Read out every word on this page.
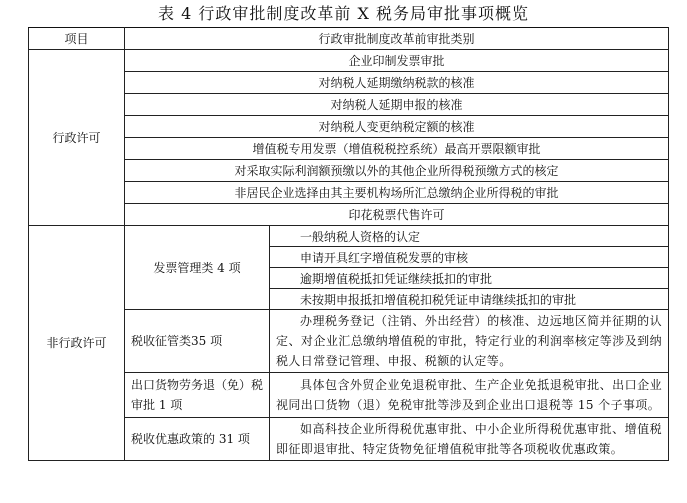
表 4 行政审批制度改革前 X 税务局审批事项概览
项目	行政审批制度改革前审批类别	
行政许可	企业印制发票审批	
	对纳税人延期缴纳税款的核准	
	对纳税人延期申报的核准	
	对纳税人变更纳税定额的核准	
	增值税专用发票（增值税税控系统）最高开票限额审批	
	对采取实际利润额预缴以外的其他企业所得税预缴方式的核定	
	非居民企业选择由其主要机构场所汇总缴纳企业所得税的审批	
	印花税票代售许可	
非行政许可	发票管理类 4 项	一般纳税人资格的认定
		申请开具红字增值税发票的审核
		逾期增值税抵扣凭证继续抵扣的审批
		未按期申报抵扣增值税扣税凭证申请继续抵扣的审批
	税收征管类35 项	办理税务登记（注销、外出经营）的核准、边远地区简并征期的认定、对企业汇总缴纳增值税的审批，特定行业的利润率核定等涉及到纳税人日常登记管理、申报、税额的认定等。
	出口货物劳务退（免）税审批 1 项	具体包含外贸企业免退税审批、生产企业免抵退税审批、出口企业视同出口货物（退）免税审批等涉及到企业出口退税等 15 个子事项。
	税收优惠政策的 31 项	如高科技企业所得税优惠审批、中小企业所得税优惠审批、增值税即征即退审批、特定货物免征增值税审批等各项税收优惠政策。
